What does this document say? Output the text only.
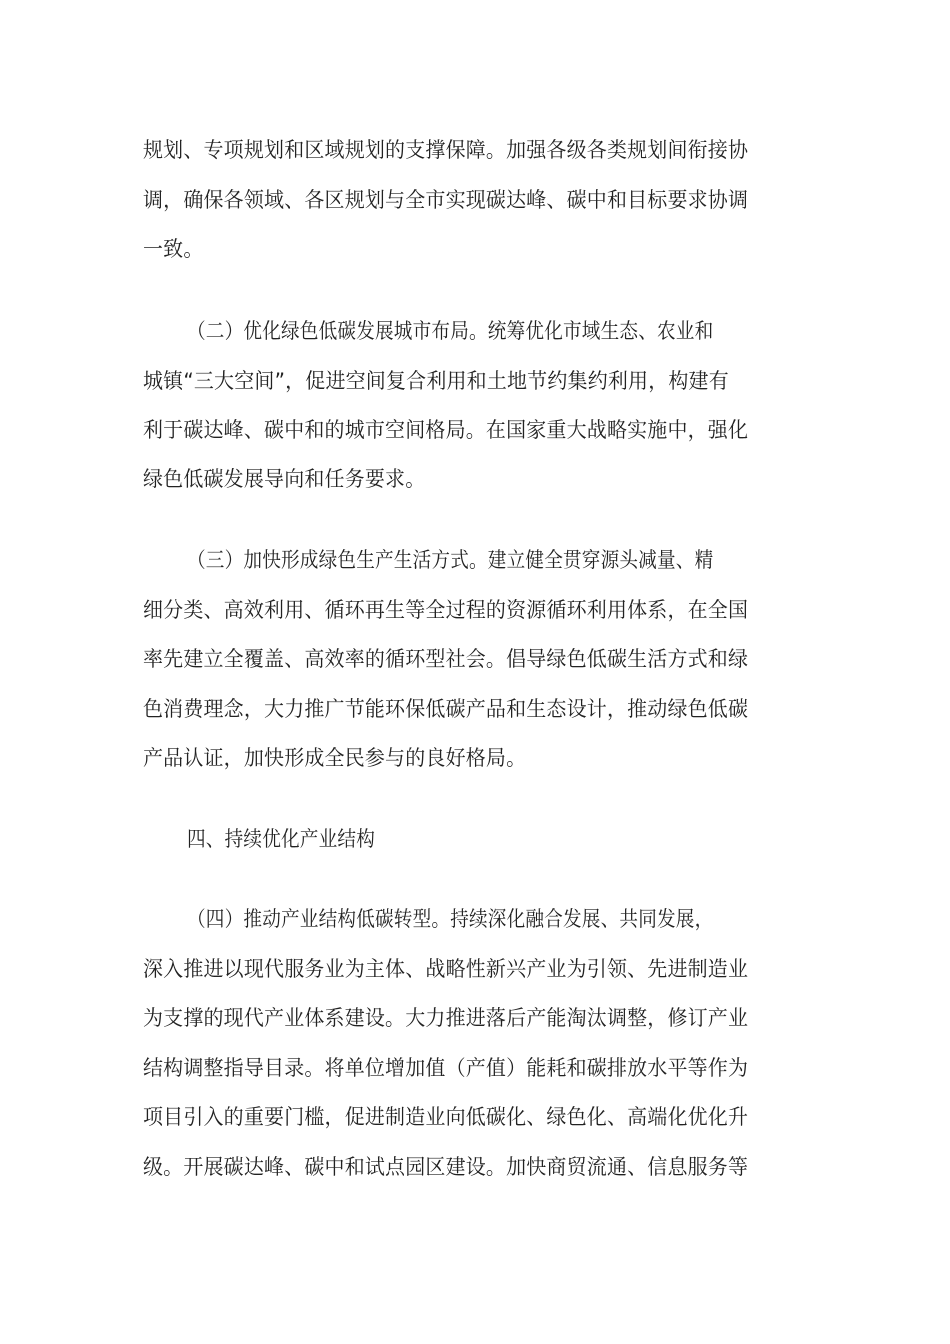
规划、专项规划和区域规划的支撑保障。加强各级各类规划间衔接协
调，确保各领域、各区规划与全市实现碳达峰、碳中和目标要求协调
一致。
（二）优化绿色低碳发展城市布局。统筹优化市域生态、农业和
城镇“三大空间”，促进空间复合利用和土地节约集约利用，构建有
利于碳达峰、碳中和的城市空间格局。在国家重大战略实施中，强化
绿色低碳发展导向和任务要求。
（三）加快形成绿色生产生活方式。建立健全贯穿源头减量、精
细分类、高效利用、循环再生等全过程的资源循环利用体系，在全国
率先建立全覆盖、高效率的循环型社会。倡导绿色低碳生活方式和绿
色消费理念，大力推广节能环保低碳产品和生态设计，推动绿色低碳
产品认证，加快形成全民参与的良好格局。
四、持续优化产业结构
（四）推动产业结构低碳转型。持续深化融合发展、共同发展，
深入推进以现代服务业为主体、战略性新兴产业为引领、先进制造业
为支撑的现代产业体系建设。大力推进落后产能淘汰调整，修订产业
结构调整指导目录。将单位增加值（产值）能耗和碳排放水平等作为
项目引入的重要门槛，促进制造业向低碳化、绿色化、高端化优化升
级。开展碳达峰、碳中和试点园区建设。加快商贸流通、信息服务等
